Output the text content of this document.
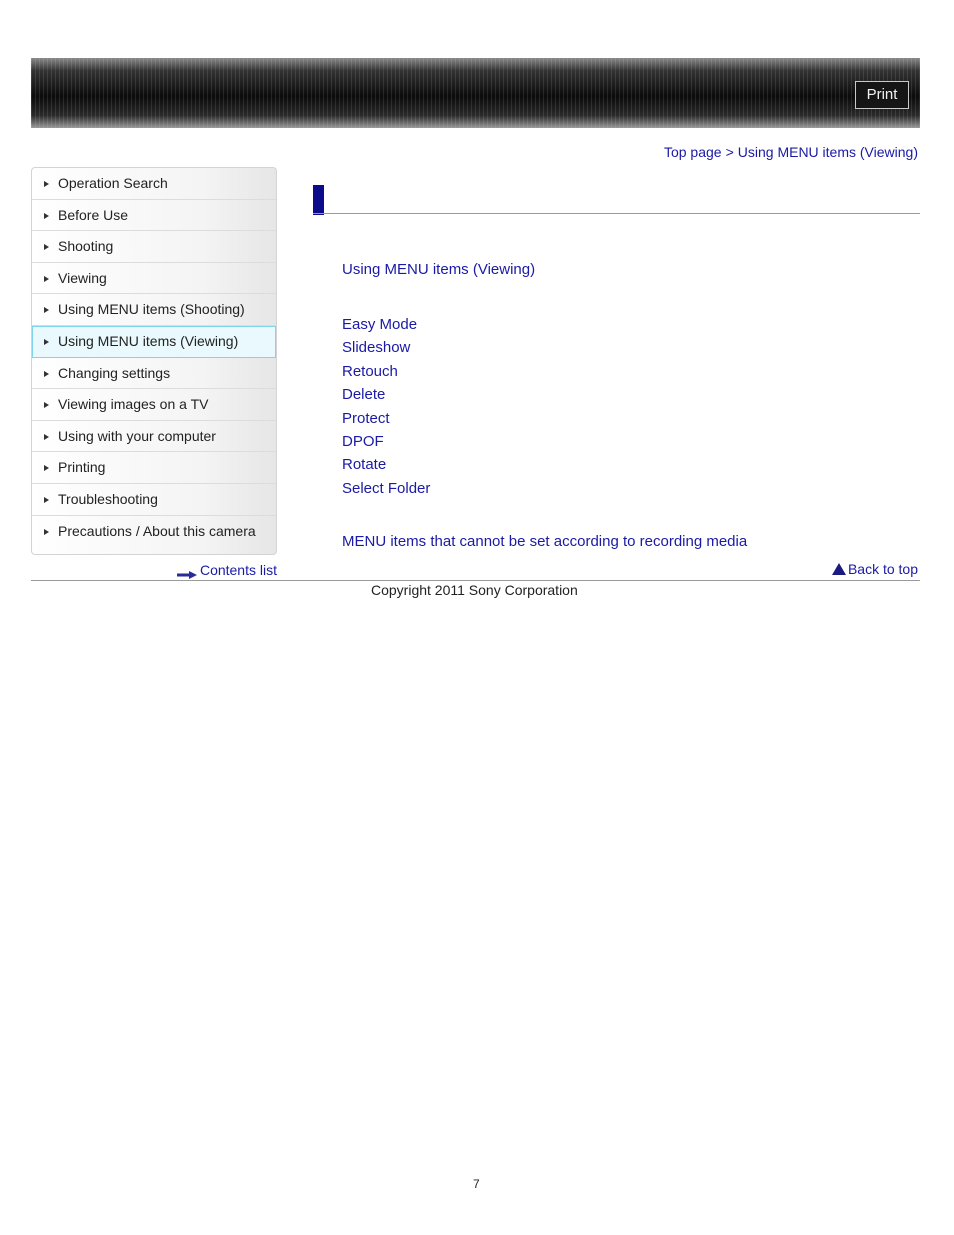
Print
Top page > Using MENU items (Viewing)
Operation Search
Before Use
Shooting
Viewing
Using MENU items (Shooting)
Using MENU items (Viewing)
Changing settings
Viewing images on a TV
Using with your computer
Printing
Troubleshooting
Precautions / About this camera
Contents list
Using MENU items (Viewing)
Easy Mode
Slideshow
Retouch
Delete
Protect
DPOF
Rotate
Select Folder
MENU items that cannot be set according to recording media
Back to top
Copyright 2011 Sony Corporation
7
